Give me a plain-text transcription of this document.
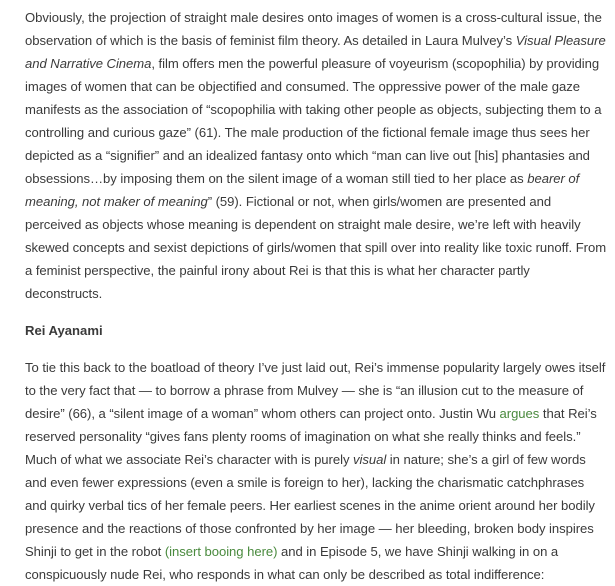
Obviously, the projection of straight male desires onto images of women is a cross-cultural issue, the observation of which is the basis of feminist film theory. As detailed in Laura Mulvey’s Visual Pleasure and Narrative Cinema, film offers men the powerful pleasure of voyeurism (scopophilia) by providing images of women that can be objectified and consumed. The oppressive power of the male gaze manifests as the association of “scopophilia with taking other people as objects, subjecting them to a controlling and curious gaze” (61). The male production of the fictional female image thus sees her depicted as a “signifier” and an idealized fantasy onto which “man can live out [his] phantasies and obsessions…by imposing them on the silent image of a woman still tied to her place as bearer of meaning, not maker of meaning” (59). Fictional or not, when girls/women are presented and perceived as objects whose meaning is dependent on straight male desire, we’re left with heavily skewed concepts and sexist depictions of girls/women that spill over into reality like toxic runoff. From a feminist perspective, the painful irony about Rei is that this is what her character partly deconstructs.

Rei Ayanami

To tie this back to the boatload of theory I’ve just laid out, Rei’s immense popularity largely owes itself to the very fact that — to borrow a phrase from Mulvey — she is “an illusion cut to the measure of desire” (66), a “silent image of a woman” whom others can project onto. Justin Wu argues that Rei’s reserved personality “gives fans plenty rooms of imagination on what she really thinks and feels.” Much of what we associate Rei’s character with is purely visual in nature; she’s a girl of few words and even fewer expressions (even a smile is foreign to her), lacking the charismatic catchphrases and quirky verbal tics of her female peers. Her earliest scenes in the anime orient around her bodily presence and the reactions of those confronted by her image — her bleeding, broken body inspires Shinji to get in the robot (insert booing here) and in Episode 5, we have Shinji walking in on a conspicuously nude Rei, who responds in what can only be described as total indifference:
